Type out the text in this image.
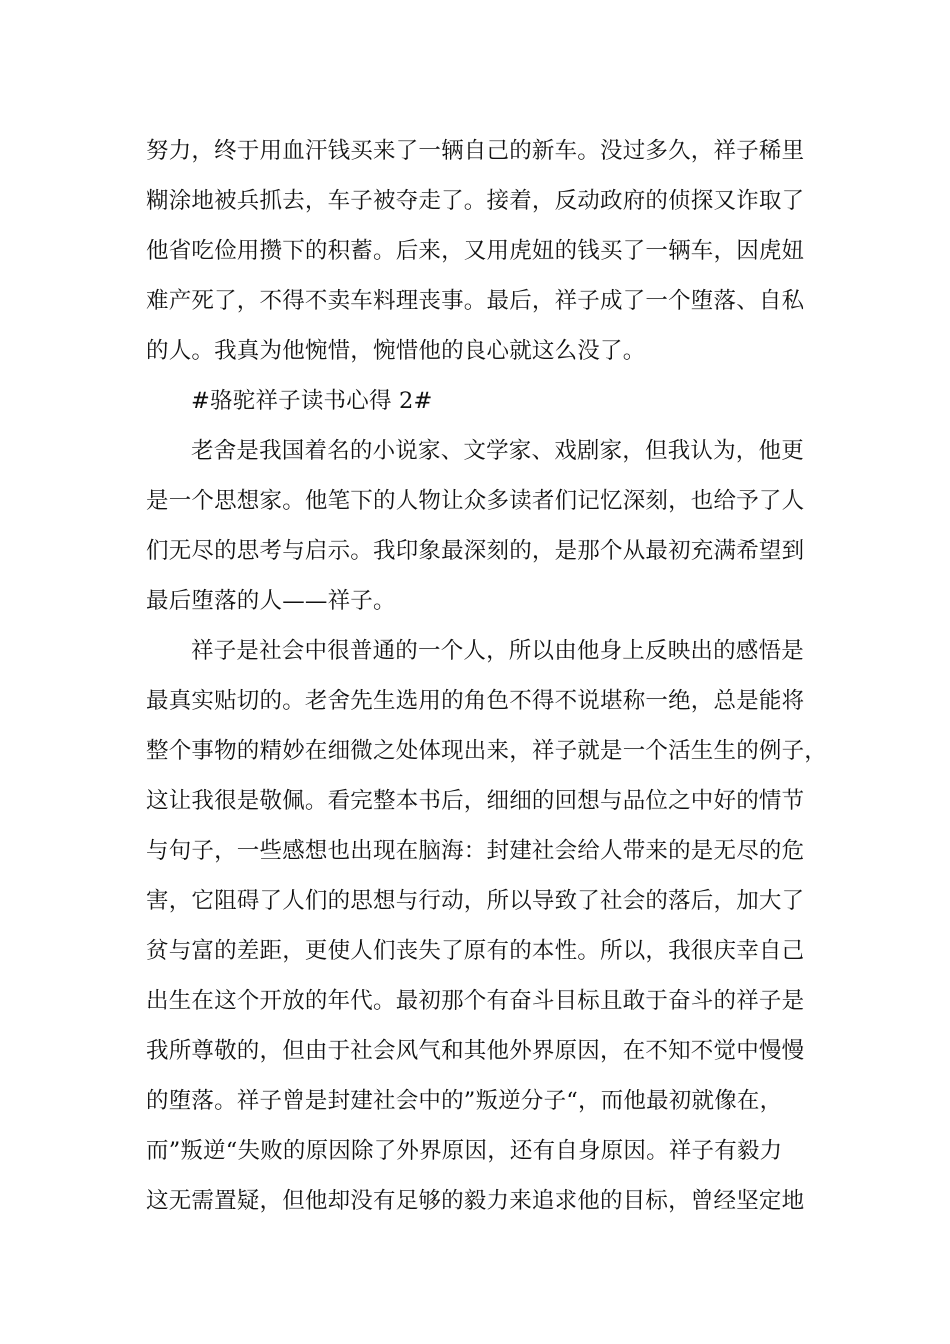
努力，终于用血汗钱买来了一辆自己的新车。没过多久，祥子稀里
糊涂地被兵抓去，车子被夺走了。接着，反动政府的侦探又诈取了
他省吃俭用攒下的积蓄。后来，又用虎妞的钱买了一辆车，因虎妞
难产死了，不得不卖车料理丧事。最后，祥子成了一个堕落、自私
的人。我真为他惋惜，惋惜他的良心就这么没了。
#骆驼祥子读书心得 2#
老舍是我国着名的小说家、文学家、戏剧家，但我认为，他更
是一个思想家。他笔下的人物让众多读者们记忆深刻，也给予了人
们无尽的思考与启示。我印象最深刻的，是那个从最初充满希望到
最后堕落的人——祥子。
祥子是社会中很普通的一个人，所以由他身上反映出的感悟是
最真实贴切的。老舍先生选用的角色不得不说堪称一绝，总是能将
整个事物的精妙在细微之处体现出来，祥子就是一个活生生的例子，
这让我很是敬佩。看完整本书后，细细的回想与品位之中好的情节
与句子，一些感想也出现在脑海：封建社会给人带来的是无尽的危
害，它阻碍了人们的思想与行动，所以导致了社会的落后，加大了
贫与富的差距，更使人们丧失了原有的本性。所以，我很庆幸自己
出生在这个开放的年代。最初那个有奋斗目标且敢于奋斗的祥子是
我所尊敬的，但由于社会风气和其他外界原因，在不知不觉中慢慢
的堕落。祥子曾是封建社会中的”叛逆分子“，而他最初就像在，
而”叛逆“失败的原因除了外界原因，还有自身原因。祥子有毅力
这无需置疑，但他却没有足够的毅力来追求他的目标，曾经坚定地
